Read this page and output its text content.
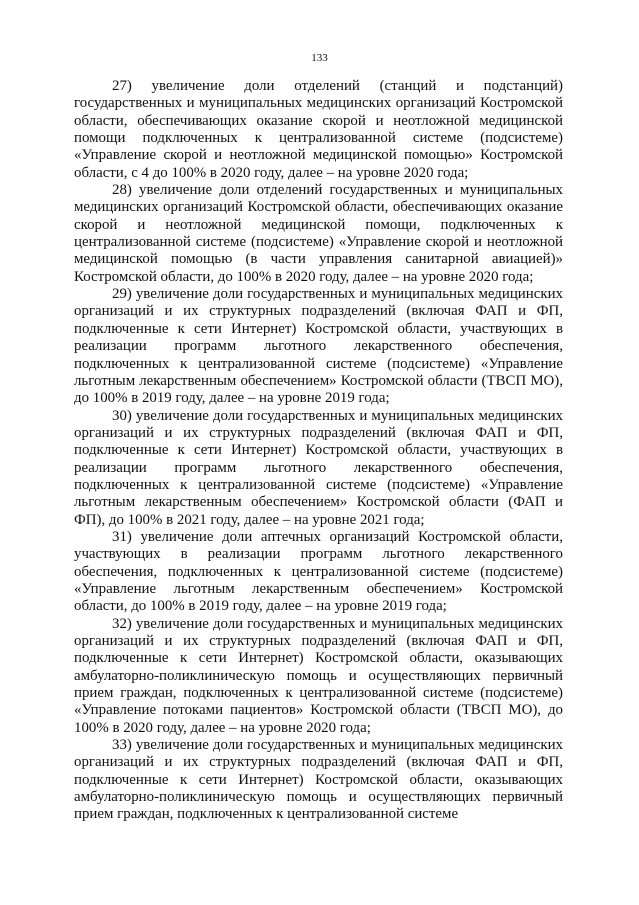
133

27) увеличение доли отделений (станций и подстанций) государственных и муниципальных медицинских организаций Костромской области, обеспечивающих оказание скорой и неотложной медицинской помощи подключенных к централизованной системе (подсистеме) «Управление скорой и неотложной медицинской помощью» Костромской области, с 4 до 100% в 2020 году, далее – на уровне 2020 года;

28) увеличение доли отделений государственных и муниципальных медицинских организаций Костромской области, обеспечивающих оказание скорой и неотложной медицинской помощи, подключенных к централизованной системе (подсистеме) «Управление скорой и неотложной медицинской помощью (в части управления санитарной авиацией)» Костромской области, до 100% в 2020 году, далее – на уровне 2020 года;

29) увеличение доли государственных и муниципальных медицинских организаций и их структурных подразделений (включая ФАП и ФП, подключенные к сети Интернет) Костромской области, участвующих в реализации программ льготного лекарственного обеспечения, подключенных к централизованной системе (подсистеме) «Управление льготным лекарственным обеспечением» Костромской области (ТВСП МО), до 100% в 2019 году, далее – на уровне 2019 года;

30) увеличение доли государственных и муниципальных медицинских организаций и их структурных подразделений (включая ФАП и ФП, подключенные к сети Интернет) Костромской области, участвующих в реализации программ льготного лекарственного обеспечения, подключенных к централизованной системе (подсистеме) «Управление льготным лекарственным обеспечением» Костромской области (ФАП и ФП), до 100% в 2021 году, далее – на уровне 2021 года;

31) увеличение доли аптечных организаций Костромской области, участвующих в реализации программ льготного лекарственного обеспечения, подключенных к централизованной системе (подсистеме) «Управление льготным лекарственным обеспечением» Костромской области, до 100% в 2019 году, далее – на уровне 2019 года;

32) увеличение доли государственных и муниципальных медицинских организаций и их структурных подразделений (включая ФАП и ФП, подключенные к сети Интернет) Костромской области, оказывающих амбулаторно-поликлиническую помощь и осуществляющих первичный прием граждан, подключенных к централизованной системе (подсистеме) «Управление потоками пациентов» Костромской области (ТВСП МО), до 100% в 2020 году, далее – на уровне 2020 года;

33) увеличение доли государственных и муниципальных медицинских организаций и их структурных подразделений (включая ФАП и ФП, подключенные к сети Интернет) Костромской области, оказывающих амбулаторно-поликлиническую помощь и осуществляющих первичный прием граждан, подключенных к централизованной системе
